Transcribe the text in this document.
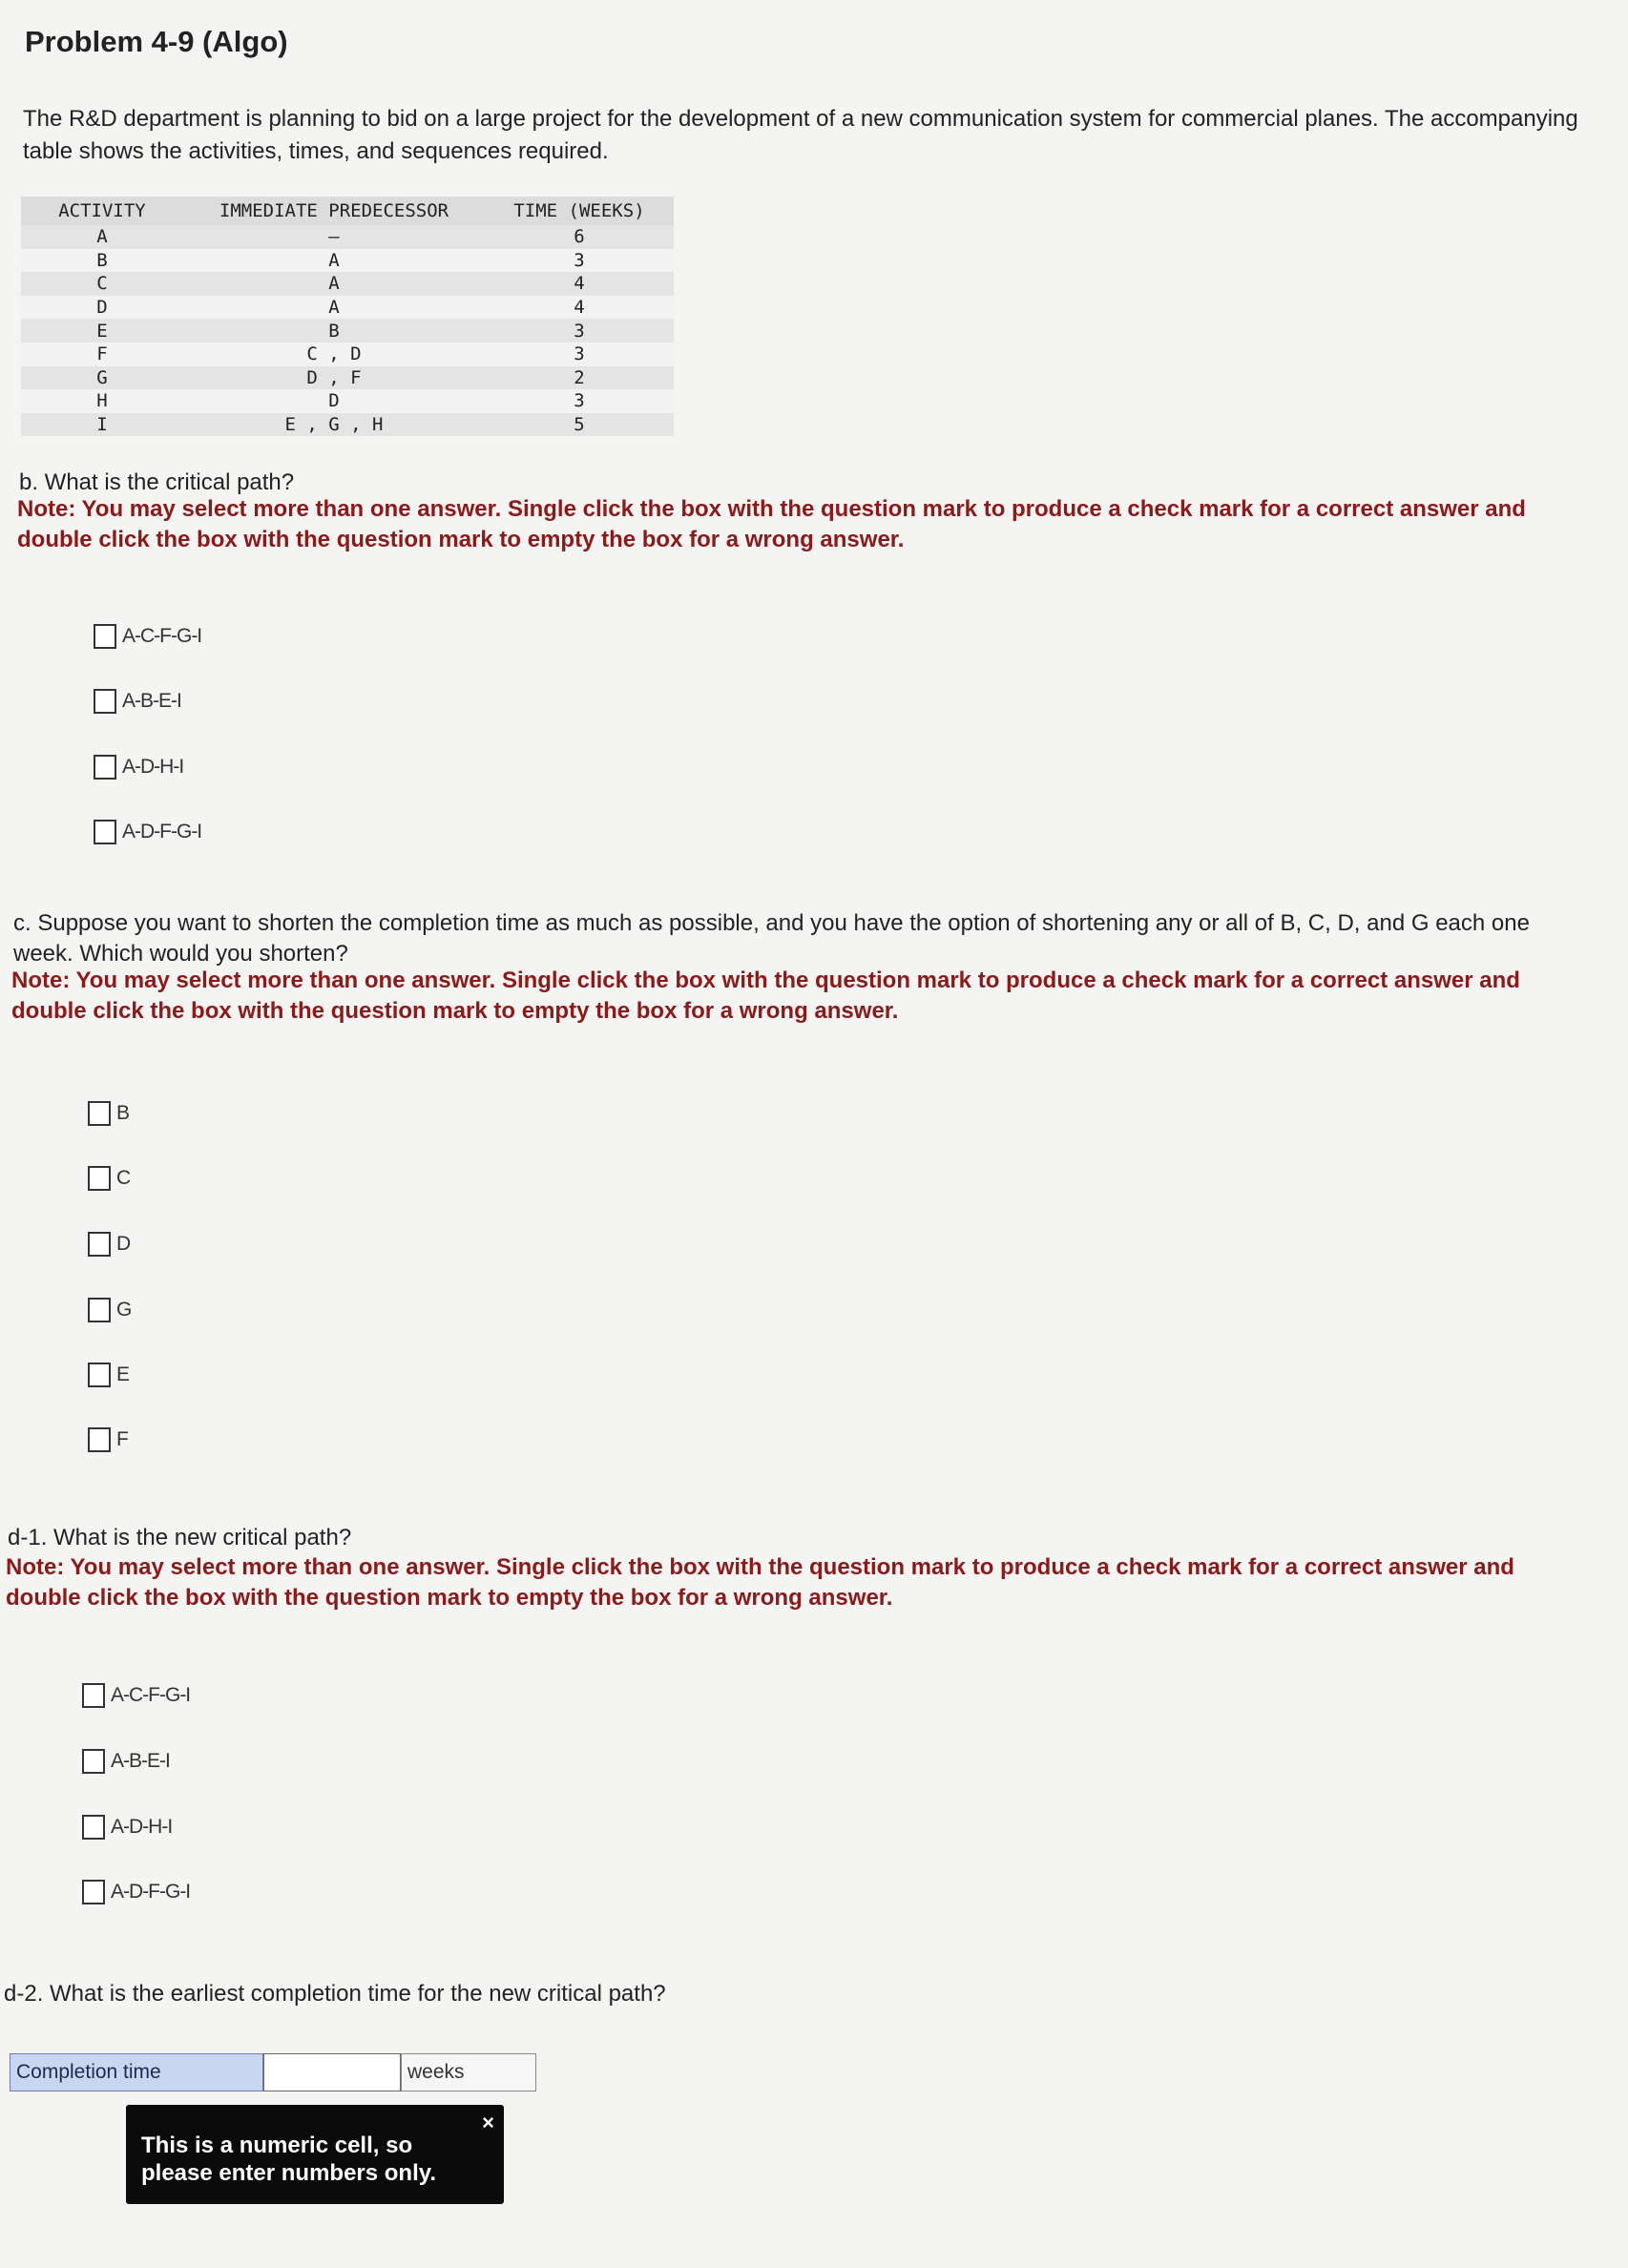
Problem 4-9 (Algo)
The R&D department is planning to bid on a large project for the development of a new communication system for commercial planes. The accompanying table shows the activities, times, and sequences required.
ACTIVITY	IMMEDIATE PREDECESSOR	TIME (WEEKS)
A	–	6
B	A	3
C	A	4
D	A	4
E	B	3
F	C , D	3
G	D , F	2
H	D	3
I	E , G , H	5
b. What is the critical path?
Note: You may select more than one answer. Single click the box with the question mark to produce a check mark for a correct answer and double click the box with the question mark to empty the box for a wrong answer.
A-C-F-G-I
A-B-E-I
A-D-H-I
A-D-F-G-I
c. Suppose you want to shorten the completion time as much as possible, and you have the option of shortening any or all of B, C, D, and G each one week. Which would you shorten?
Note: You may select more than one answer. Single click the box with the question mark to produce a check mark for a correct answer and double click the box with the question mark to empty the box for a wrong answer.
B
C
D
G
E
F
d-1. What is the new critical path?
Note: You may select more than one answer. Single click the box with the question mark to produce a check mark for a correct answer and double click the box with the question mark to empty the box for a wrong answer.
A-C-F-G-I
A-B-E-I
A-D-H-I
A-D-F-G-I
d-2. What is the earliest completion time for the new critical path?
Completion time	weeks
×
This is a numeric cell, so please enter numbers only.
